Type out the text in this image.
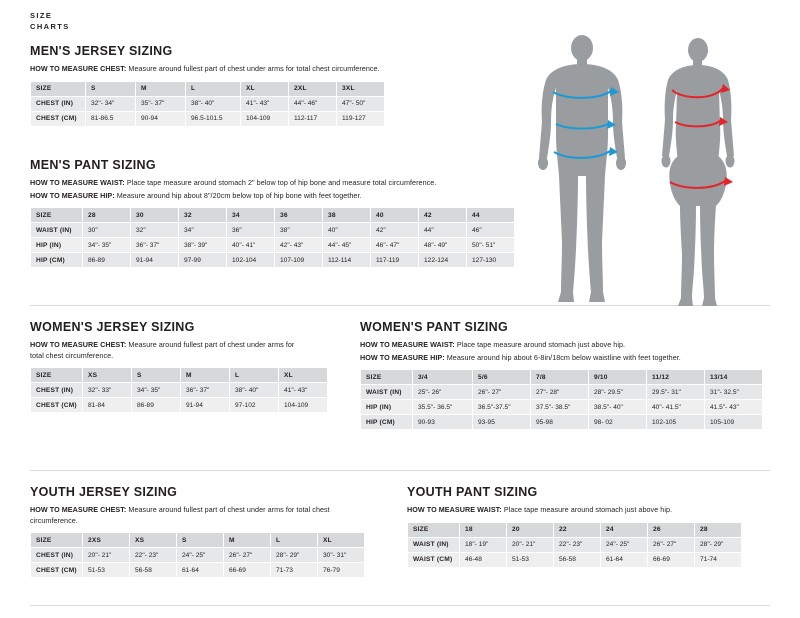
SIZE
CHARTS
MEN'S JERSEY SIZING
HOW TO MEASURE CHEST: Measure around fullest part of chest under arms for total chest circumference.
SIZE	S	M	L	XL	2XL	3XL
CHEST (IN)	32"- 34"	35"- 37"	38"- 40"	41"- 43"	44"- 46"	47"- 50"
CHEST (CM)	81-86.5	90-94	96.5-101.5	104-109	112-117	119-127
MEN'S PANT SIZING
HOW TO MEASURE WAIST: Place tape measure around stomach 2" below top of hip bone and measure total circumference.
HOW TO MEASURE HIP: Measure around hip about 8"/20cm below top of hip bone with feet together.
SIZE	28	30	32	34	36	38	40	42	44
WAIST (IN)	30"	32"	34"	36"	38"	40"	42"	44"	46"
HIP (IN)	34"- 35"	36"- 37"	38"- 39"	40"- 41"	42"- 43"	44"- 45"	46"- 47"	48"- 49"	50"- 51"
HIP (CM)	86-89	91-94	97-99	102-104	107-109	112-114	117-119	122-124	127-130
WOMEN'S JERSEY SIZING
HOW TO MEASURE CHEST: Measure around fullest part of chest under arms for total chest circumference.
SIZE	XS	S	M	L	XL
CHEST (IN)	32"- 33"	34"- 35"	36"- 37"	38"- 40"	41"- 43"
CHEST (CM)	81-84	86-89	91-94	97-102	104-109
WOMEN'S PANT SIZING
HOW TO MEASURE WAIST: Place tape measure around stomach just above hip.
HOW TO MEASURE HIP: Measure around hip about 6-8in/18cm below waistline with feet together.
SIZE	3/4	5/6	7/8	9/10	11/12	13/14
WAIST (IN)	25"- 26"	26"- 27"	27"- 28"	28"- 29.5"	29.5"- 31"	31"- 32.5"
HIP (IN)	35.5"- 36.5"	36.5"-37.5"	37.5"- 38.5"	38.5"- 40"	40"- 41.5"	41.5"- 43"
HIP (CM)	90-93	93-95	95-98	98- 02	102-105	105-109
YOUTH JERSEY SIZING
HOW TO MEASURE CHEST: Measure around fullest part of chest under arms for total chest circumference.
SIZE	2XS	XS	S	M	L	XL
CHEST (IN)	20"- 21"	22"- 23"	24"- 25"	26"- 27"	28"- 29"	30"- 31"
CHEST (CM)	51-53	56-58	61-64	66-69	71-73	76-79
YOUTH PANT SIZING
HOW TO MEASURE WAIST: Place tape measure around stomach just above hip.
SIZE	18	20	22	24	26	28
WAIST (IN)	18"- 19"	20"- 21"	22"- 23"	24"- 25"	26"- 27"	28"- 29"
WAIST (CM)	46-48	51-53	56-58	61-64	66-69	71-74
